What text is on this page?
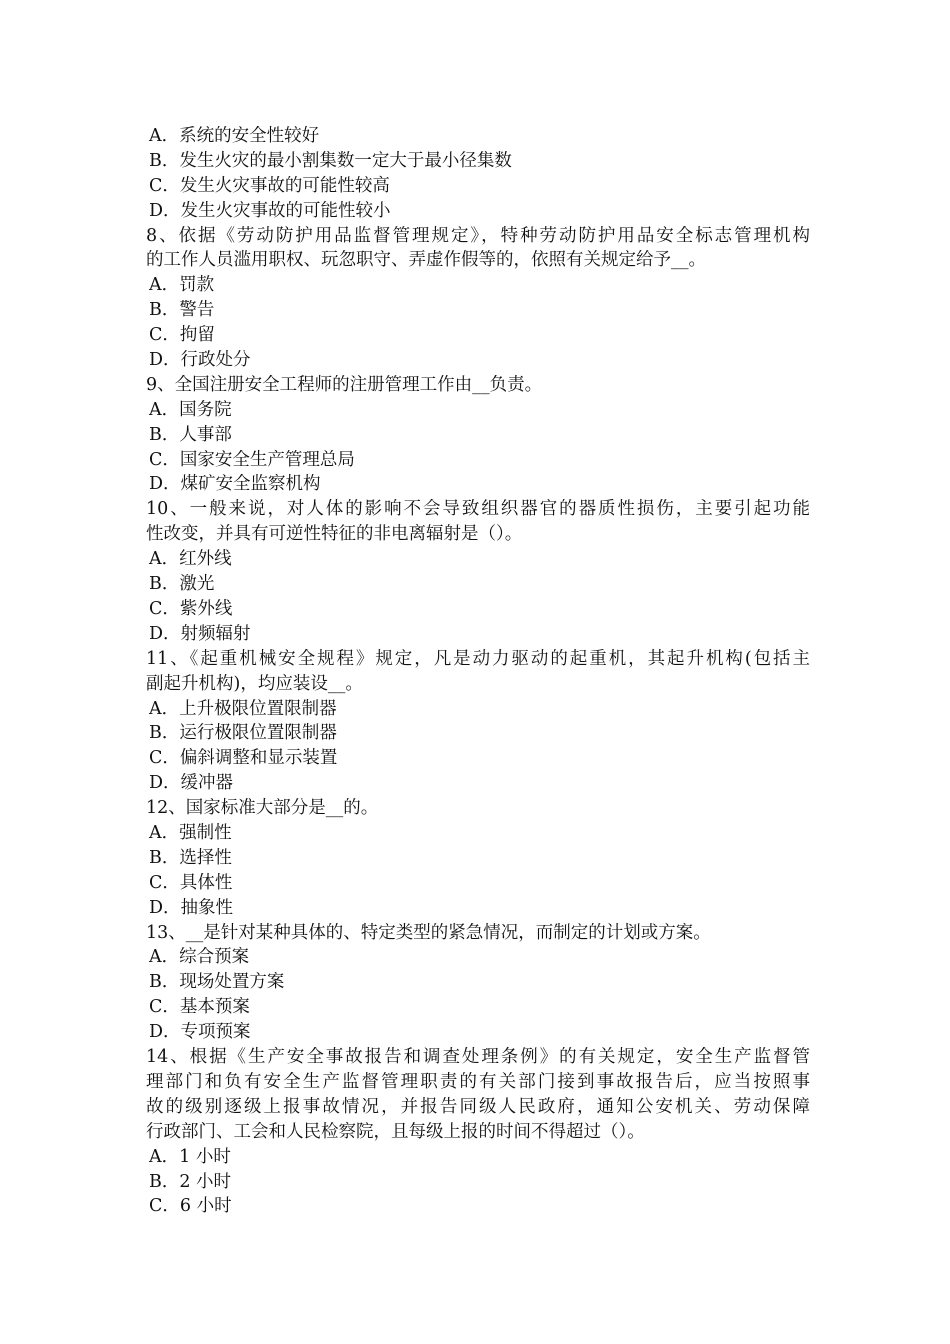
A．系统的安全性较好
B．发生火灾的最小割集数一定大于最小径集数
C．发生火灾事故的可能性较高
D．发生火灾事故的可能性较小
8、依据《劳动防护用品监督管理规定》，特种劳动防护用品安全标志管理机构
的工作人员滥用职权、玩忽职守、弄虚作假等的，依照有关规定给予__。
A．罚款
B．警告
C．拘留
D．行政处分
9、全国注册安全工程师的注册管理工作由__负责。
A．国务院
B．人事部
C．国家安全生产管理总局
D．煤矿安全监察机构
10、一般来说，对人体的影响不会导致组织器官的器质性损伤，主要引起功能
性改变，并具有可逆性特征的非电离辐射是（）。
A．红外线
B．激光
C．紫外线
D．射频辐射
11、《起重机械安全规程》规定，凡是动力驱动的起重机，其起升机构(包括主
副起升机构)，均应装设__。
A．上升极限位置限制器
B．运行极限位置限制器
C．偏斜调整和显示装置
D．缓冲器
12、国家标准大部分是__的。
A．强制性
B．选择性
C．具体性
D．抽象性
13、__是针对某种具体的、特定类型的紧急情况，而制定的计划或方案。
A．综合预案
B．现场处置方案
C．基本预案
D．专项预案
14、根据《生产安全事故报告和调查处理条例》的有关规定，安全生产监督管
理部门和负有安全生产监督管理职责的有关部门接到事故报告后，应当按照事
故的级别逐级上报事故情况，并报告同级人民政府，通知公安机关、劳动保障
行政部门、工会和人民检察院，且每级上报的时间不得超过（）。
A．1 小时
B．2 小时
C．6 小时
